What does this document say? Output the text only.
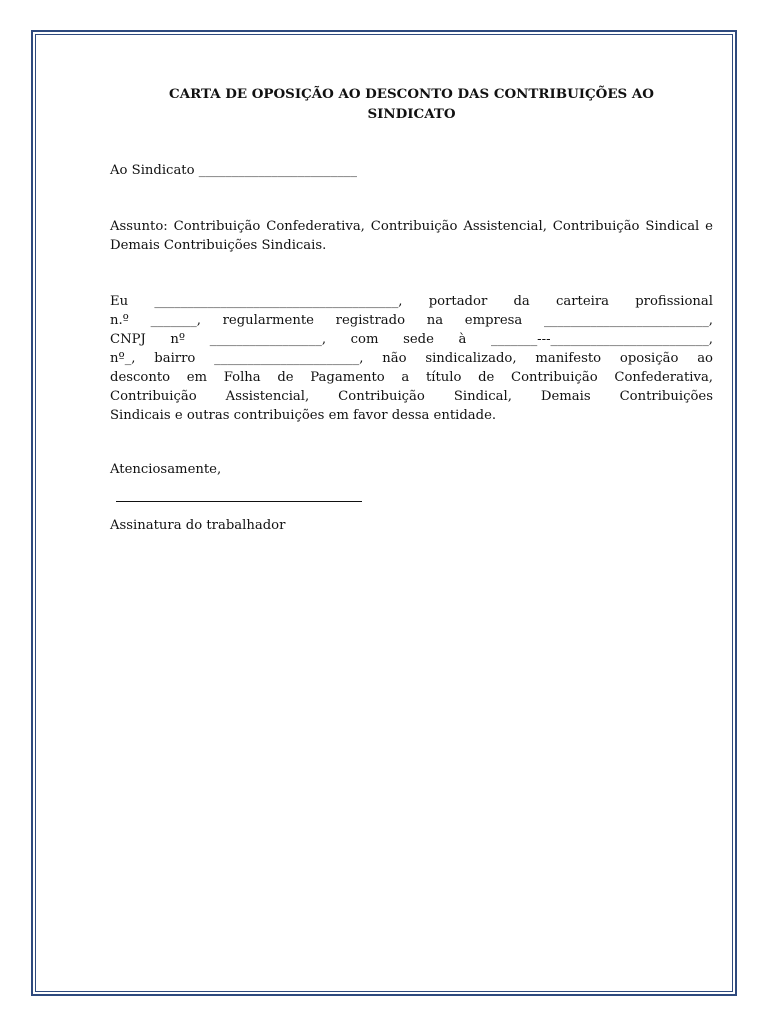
CARTA DE OPOSIÇÃO AO DESCONTO DAS CONTRIBUIÇÕES AO SINDICATO

Ao Sindicato ________________________

Assunto: Contribuição Confederativa, Contribuição Assistencial, Contribuição Sindical e Demais Contribuições Sindicais.

Eu _____________________________________, portador da carteira profissional
n.º _______, regularmente registrado na empresa _________________________,
CNPJ nº _________________, com sede à _______---________________________,
nº_, bairro ______________________, não sindicalizado, manifesto oposição ao
desconto em Folha de Pagamento a título de Contribuição Confederativa,
Contribuição Assistencial, Contribuição Sindical, Demais Contribuições
Sindicais e outras contribuições em favor dessa entidade.

Atenciosamente,

Assinatura do trabalhador
